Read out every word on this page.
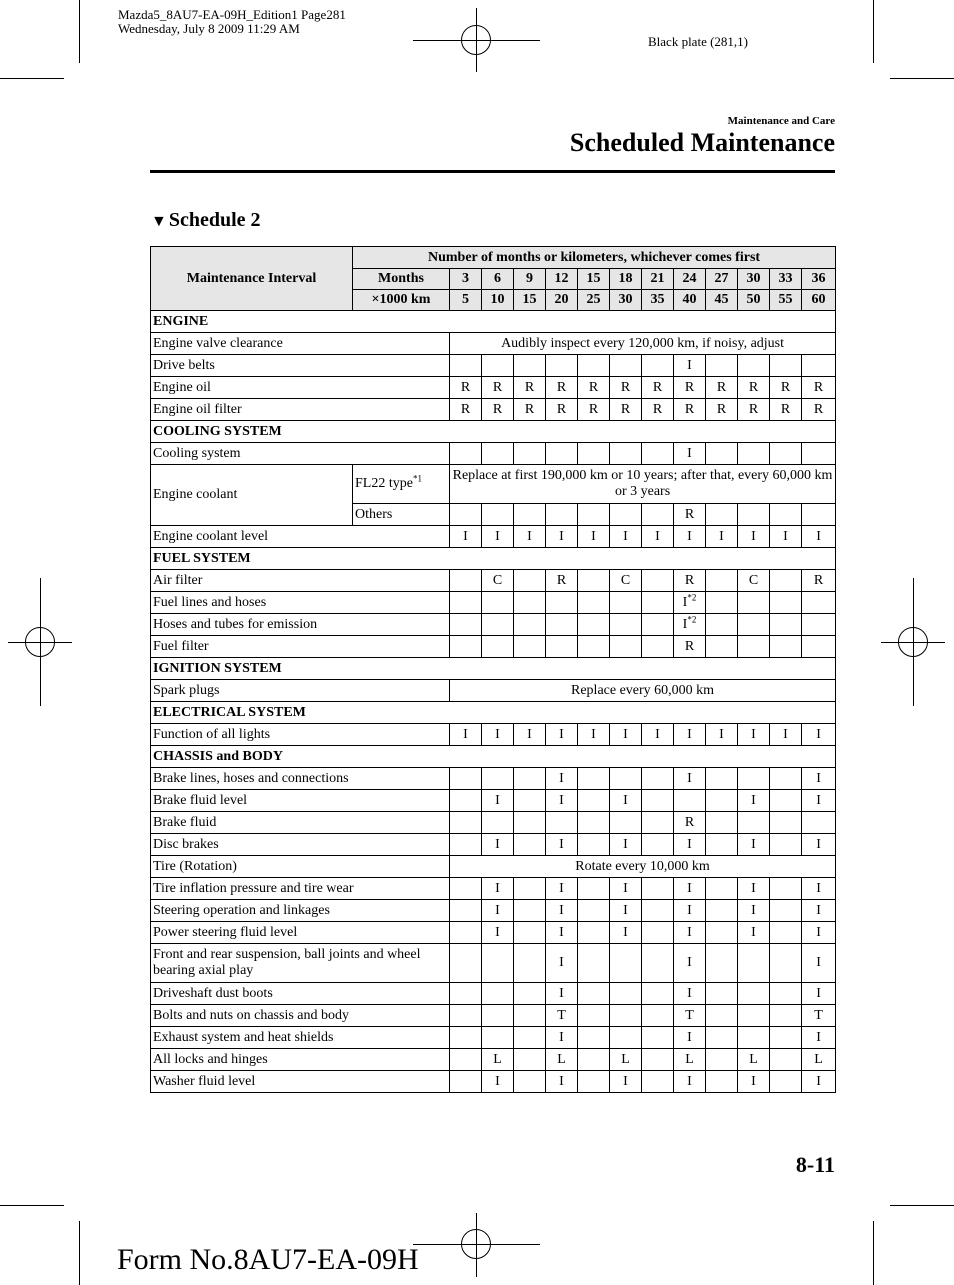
Mazda5_8AU7-EA-09H_Edition1 Page281
Wednesday, July 8 2009 11:29 AM
Black plate (281,1)
Maintenance and Care
Scheduled Maintenance
▼ Schedule 2
Maintenance Interval	Number of months or kilometers, whichever comes first												
	Months	3	6	9	12	15	18	21	24	27	30	33	36
	×1000 km	5	10	15	20	25	30	35	40	45	50	55	60
ENGINE													
Engine valve clearance		Audibly inspect every 120,000 km, if noisy, adjust											
Drive belts									I				
Engine oil		R	R	R	R	R	R	R	R	R	R	R	R
Engine oil filter		R	R	R	R	R	R	R	R	R	R	R	R
COOLING SYSTEM													
Cooling system									I				
Engine coolant	FL22 type$^{*1}$	Replace at first 190,000 km or 10 years; after that, every 60,000 km or 3 years											
	Others								R				
Engine coolant level		I	I	I	I	I	I	I	I	I	I	I	I
FUEL SYSTEM													
Air filter			C		R		C		R		C		R
Fuel lines and hoses									$I^{*2}$				
Hoses and tubes for emission									$I^{*2}$				
Fuel filter									R				
IGNITION SYSTEM													
Spark plugs		Replace every 60,000 km											
ELECTRICAL SYSTEM													
Function of all lights		I	I	I	I	I	I	I	I	I	I	I	I
CHASSIS and BODY													
Brake lines, hoses and connections					I				I				I
Brake fluid level			I		I		I				I		I
Brake fluid									R				
Disc brakes			I		I		I		I		I		I
Tire (Rotation)		Rotate every 10,000 km											
Tire inflation pressure and tire wear			I		I		I		I		I		I
Steering operation and linkages			I		I		I		I		I		I
Power steering fluid level			I		I		I		I		I		I
Front and rear suspension, ball joints and wheel bearing axial play					I				I				I
Driveshaft dust boots					I				I				I
Bolts and nuts on chassis and body					T				T				T
Exhaust system and heat shields					I				I				I
All locks and hinges			L		L		L		L		L		L
Washer fluid level			I		I		I		I		I		I
8-11
Form No.8AU7-EA-09H
